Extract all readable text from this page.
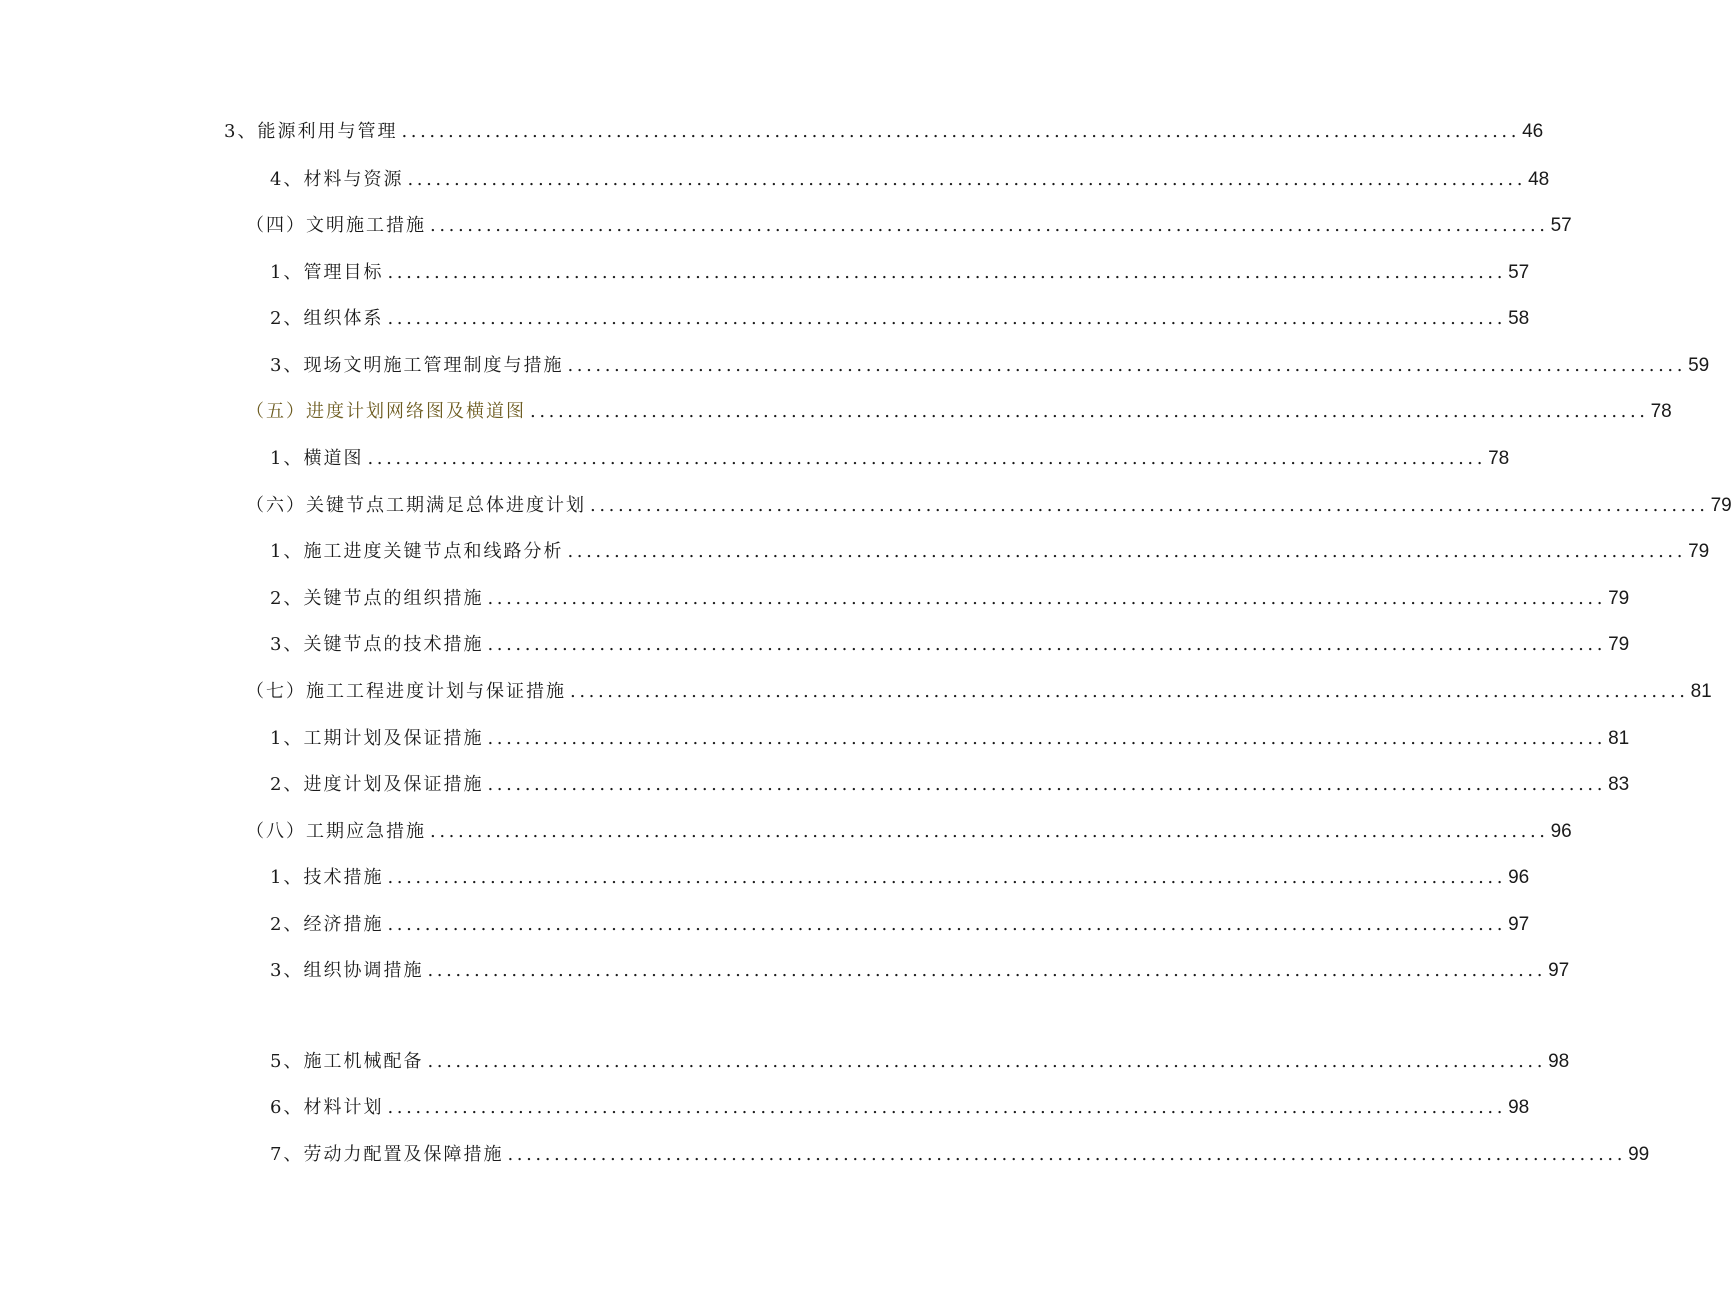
3、能源利用与管理 ........................................................................................................................ 46
4、材料与资源 ........................................................................................................................ 48
（四）文明施工措施 ........................................................................................................................ 57
1、管理目标 ........................................................................................................................ 57
2、组织体系 ........................................................................................................................ 58
3、现场文明施工管理制度与措施 ........................................................................................................................ 59
（五）进度计划网络图及横道图 ........................................................................................................................ 78
1、横道图 ........................................................................................................................ 78
（六）关键节点工期满足总体进度计划 ........................................................................................................................ 79
1、施工进度关键节点和线路分析 ........................................................................................................................ 79
2、关键节点的组织措施 ........................................................................................................................ 79
3、关键节点的技术措施 ........................................................................................................................ 79
（七）施工工程进度计划与保证措施 ........................................................................................................................ 81
1、工期计划及保证措施 ........................................................................................................................ 81
2、进度计划及保证措施 ........................................................................................................................ 83
（八）工期应急措施 ........................................................................................................................ 96
1、技术措施 ........................................................................................................................ 96
2、经济措施 ........................................................................................................................ 97
3、组织协调措施 ........................................................................................................................ 97
5、施工机械配备 ........................................................................................................................ 98
6、材料计划 ........................................................................................................................ 98
7、劳动力配置及保障措施 ........................................................................................................................ 99
